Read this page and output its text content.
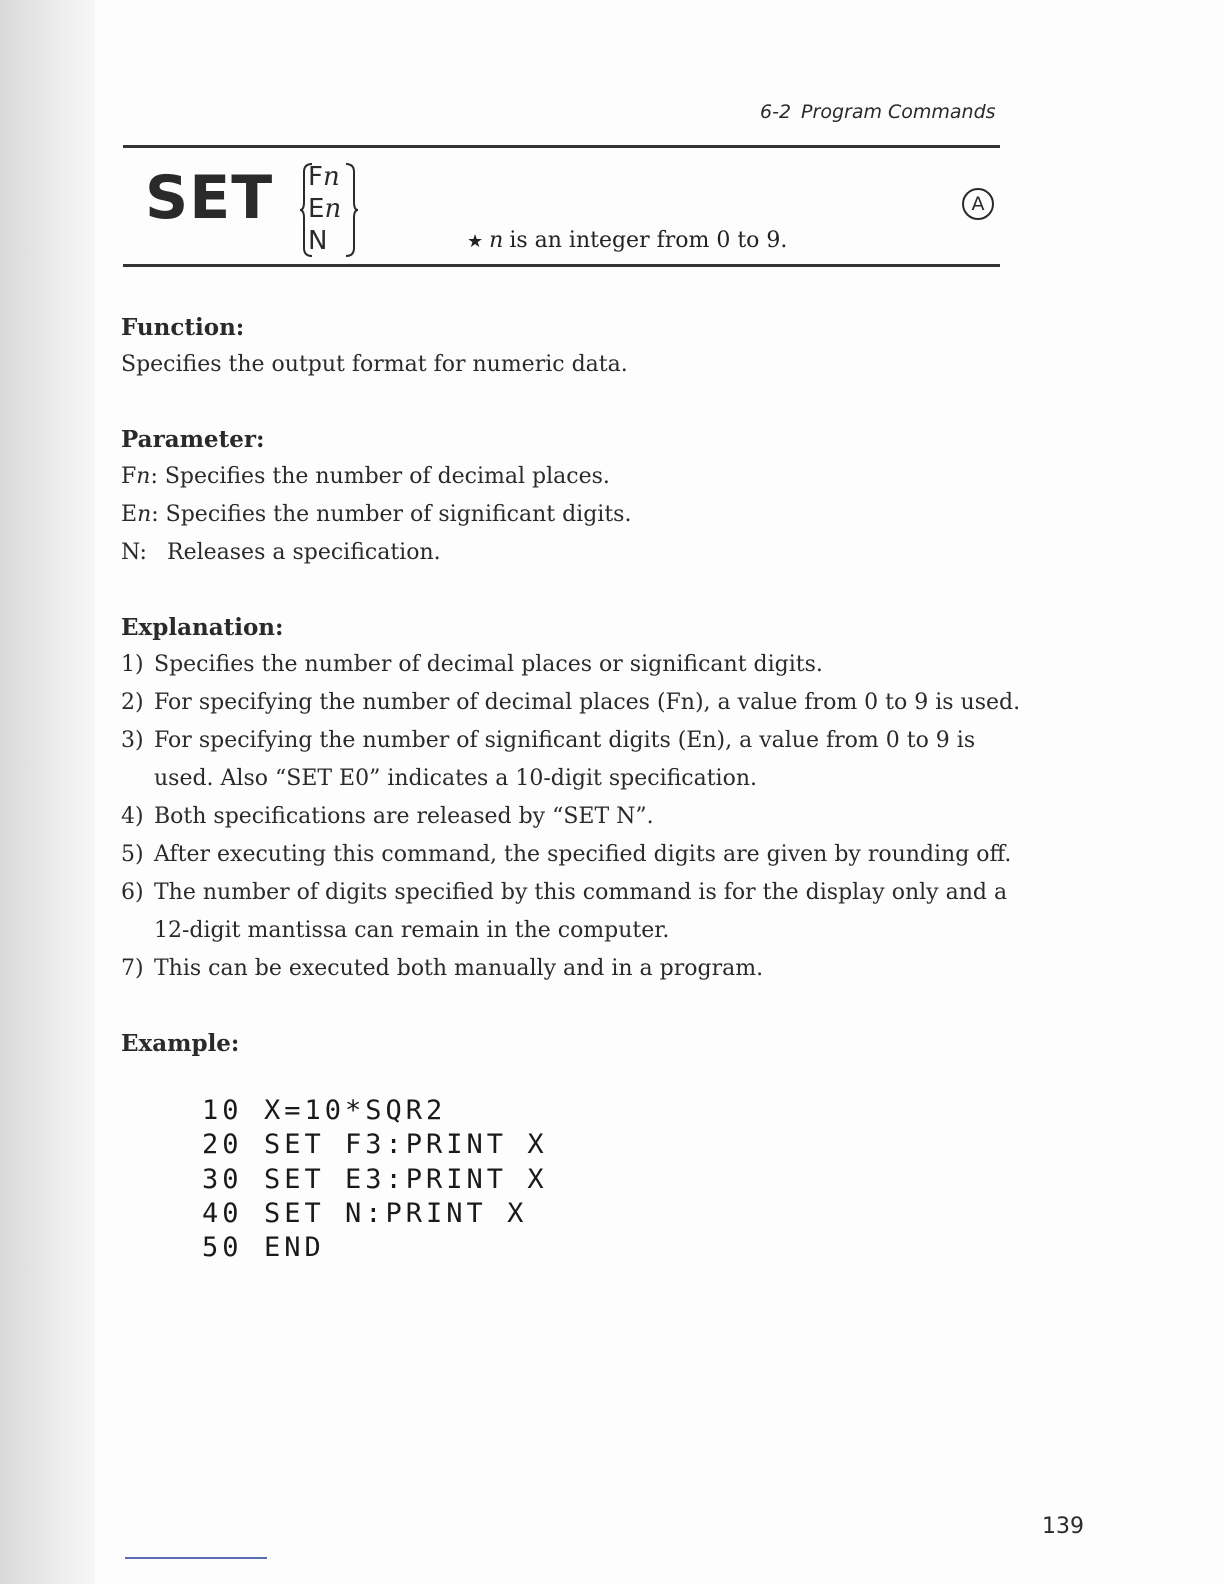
6-2 Program Commands
SET Fn
En
N	★ n is an integer from 0 to 9.
A
Function:
Specifies the output format for numeric data.
Parameter:
Fn: Specifies the number of decimal places.
En: Specifies the number of significant digits.
N: Releases a specification.
Explanation:
1) Specifies the number of decimal places or significant digits.
2) For specifying the number of decimal places (Fn), a value from 0 to 9 is used.
3) For specifying the number of significant digits (En), a value from 0 to 9 is
used. Also “SET E0” indicates a 10-digit specification.
4) Both specifications are released by “SET N”.
5) After executing this command, the specified digits are given by rounding off.
6) The number of digits specified by this command is for the display only and a
12-digit mantissa can remain in the computer.
7) This can be executed both manually and in a program.
Example:
10 X=10*SQR2
20 SET F3:PRINT X
30 SET E3:PRINT X
40 SET N:PRINT X
50 END
139
